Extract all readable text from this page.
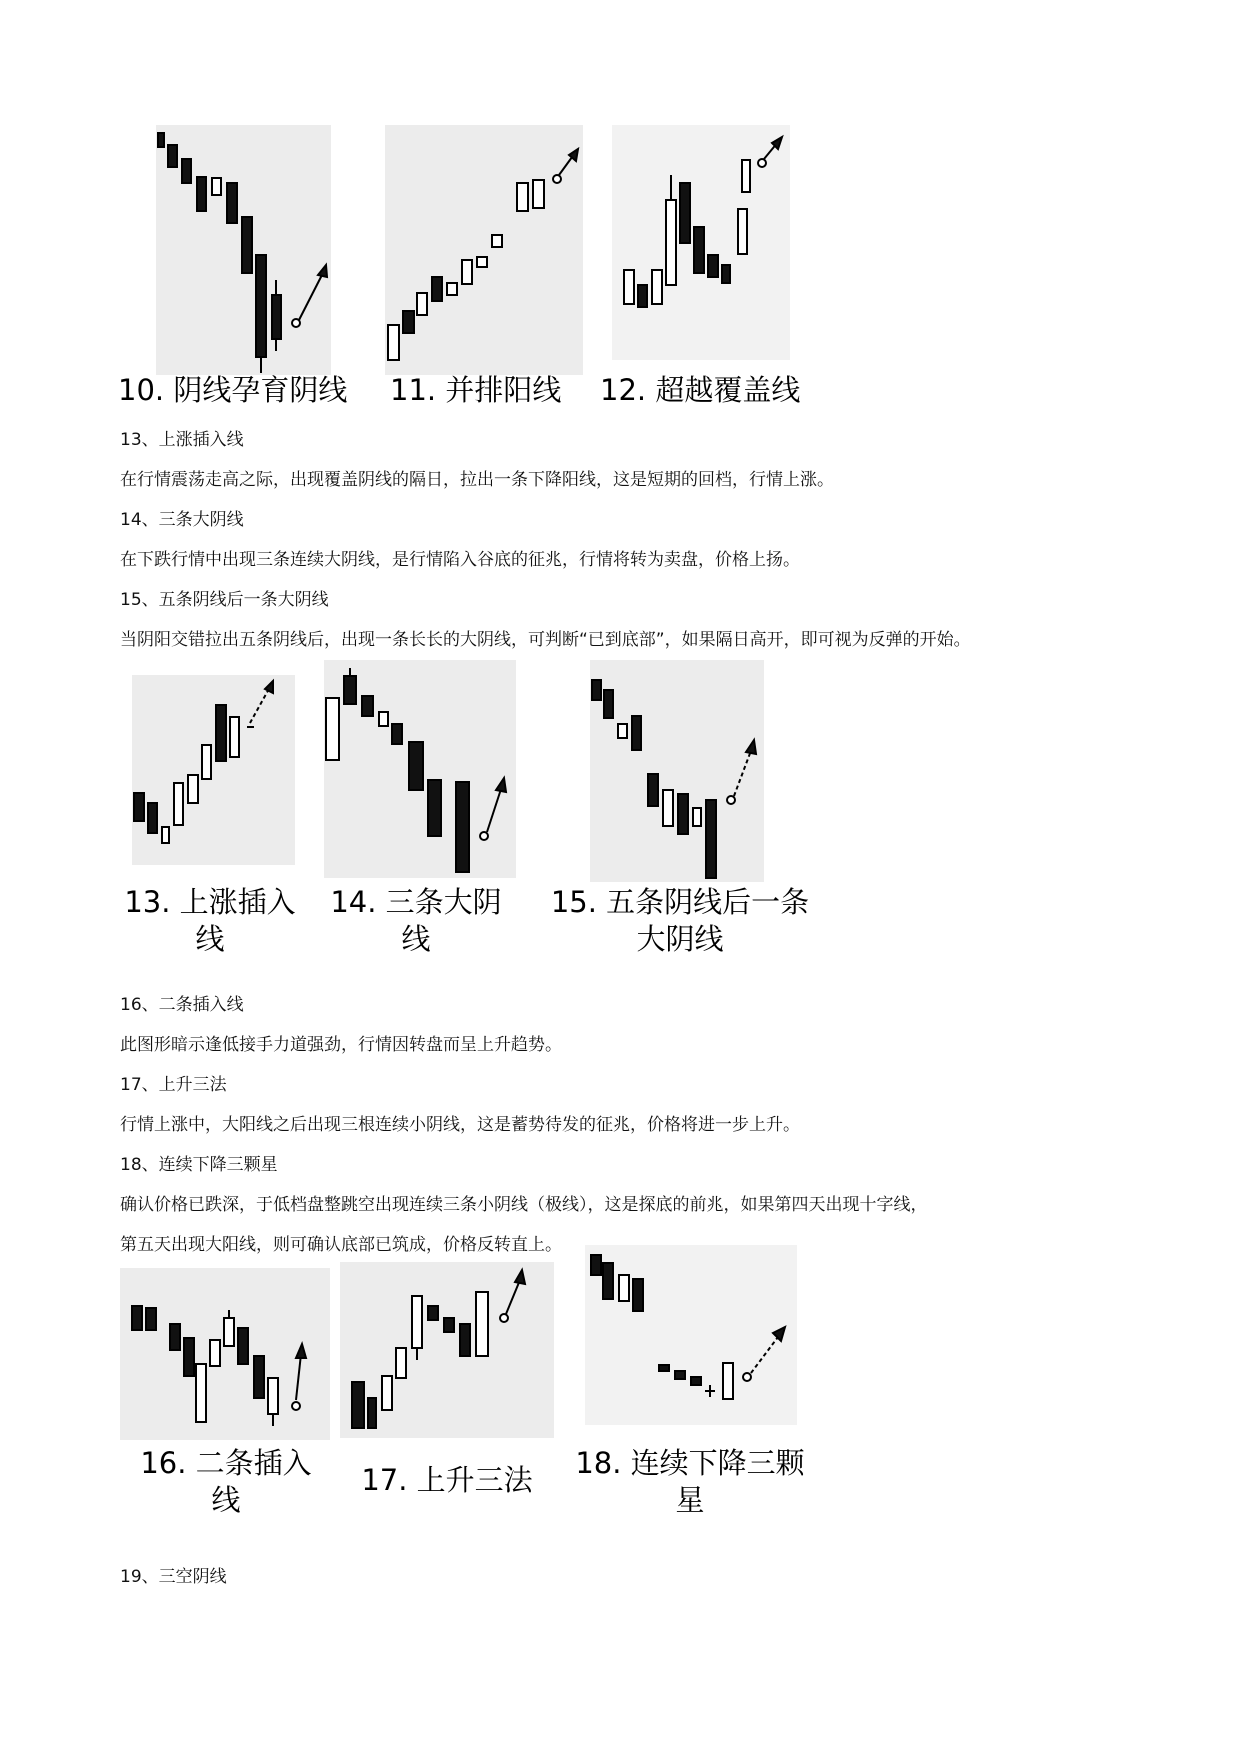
10. 阴线孕育阴线 11. 并排阳线 12. 超越覆盖线
13、上涨插入线
在行情震荡走高之际，出现覆盖阴线的隔日，拉出一条下降阳线，这是短期的回档，行情上涨。
14、三条大阴线
在下跌行情中出现三条连续大阴线，是行情陷入谷底的征兆，行情将转为卖盘，价格上扬。
15、五条阴线后一条大阴线
当阴阳交错拉出五条阴线后，出现一条长长的大阴线，可判断“已到底部”，如果隔日高开，即可视为反弹的开始。
13. 上涨插入
线
14. 三条大阴
线
15. 五条阴线后一条
大阴线
16、二条插入线
此图形暗示逢低接手力道强劲，行情因转盘而呈上升趋势。
17、上升三法
行情上涨中，大阳线之后出现三根连续小阴线，这是蓄势待发的征兆，价格将进一步上升。
18、连续下降三颗星
确认价格已跌深，于低档盘整跳空出现连续三条小阴线（极线），这是探底的前兆，如果第四天出现十字线，
第五天出现大阳线，则可确认底部已筑成，价格反转直上。
16. 二条插入
线
17. 上升三法	18. 连续下降三颗
星
19、三空阴线
